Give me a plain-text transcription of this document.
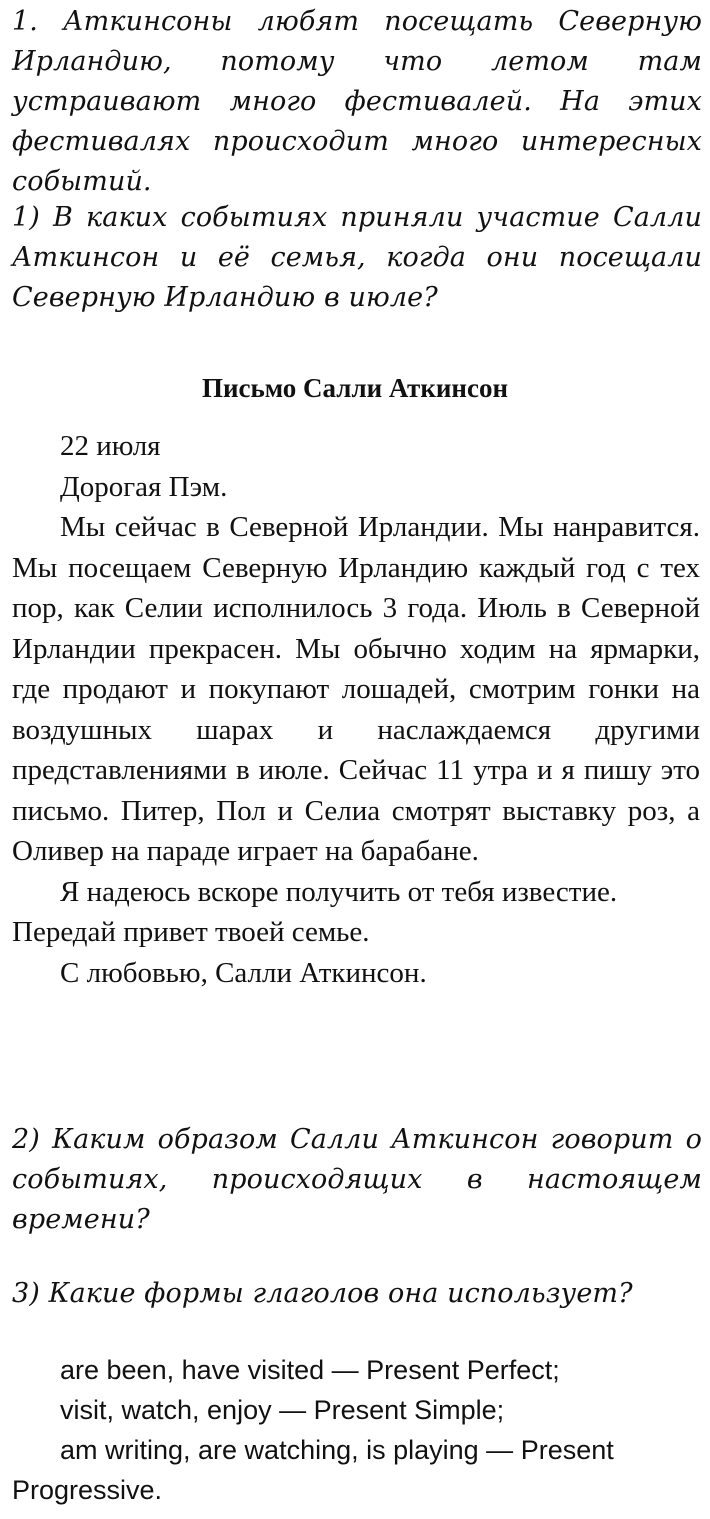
1. Аткинсоны любят посещать Северную Ирландию, потому что летом там устраивают много фестивалей. На этих фестивалях происходит много интересных событий.
1) В каких событиях приняли участие Салли Аткинсон и её семья, когда они посещали Северную Ирландию в июле?
Письмо Салли Аткинсон

22 июля

Дорогая Пэм.

Мы сейчас в Северной Ирландии. Мы нанравится. Мы посещаем Северную Ирландию каждый год с тех пор, как Селии исполнилось 3 года. Июль в Северной Ирландии прекрасен. Мы обычно ходим на ярмарки, где продают и покупают лошадей, смотрим гонки на воздушных шарах и наслаждаемся другими представлениями в июле. Сейчас 11 утра и я пишу это письмо. Питер, Пол и Селиа смотрят выставку роз, а Оливер на параде играет на барабане.

Я надеюсь вскоре получить от тебя известие. Передай привет твоей семье.

С любовью, Салли Аткинсон.

2) Каким образом Салли Аткинсон говорит о событиях, происходящих в настоящем времени?
3) Какие формы глаголов она использует?

are been, have visited — Present Perfect;

visit, watch, enjoy — Present Simple;

am writing, are watching, is playing — Present Progressive.
